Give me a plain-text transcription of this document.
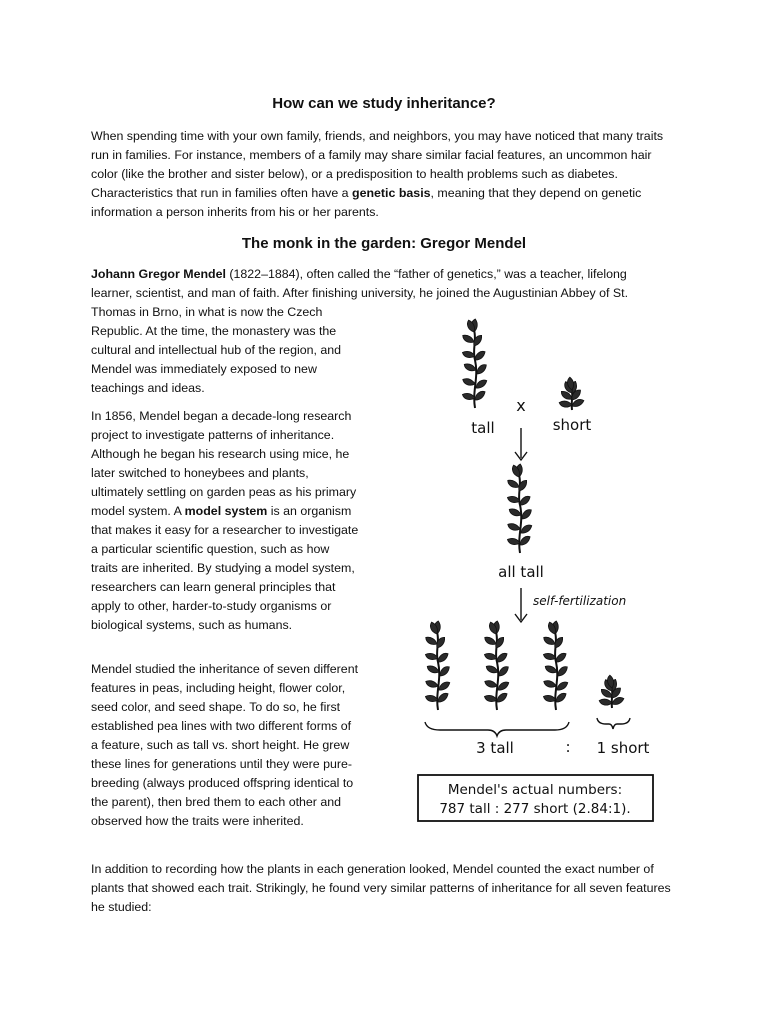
How can we study inheritance?

When spending time with your own family, friends, and neighbors, you may have noticed that many traits run in families. For instance, members of a family may share similar facial features, an uncommon hair color (like the brother and sister below), or a predisposition to health problems such as diabetes. Characteristics that run in families often have a genetic basis, meaning that they depend on genetic information a person inherits from his or her parents.

The monk in the garden: Gregor Mendel

Johann Gregor Mendel (1822–1884), often called the “father of genetics,” was a teacher, lifelong
learner, scientist, and man of faith. After finishing university, he joined the Augustinian Abbey of St.

Thomas in Brno, in what is now the Czech Republic. At the time, the monastery was the cultural and intellectual hub of the region, and Mendel was immediately exposed to new teachings and ideas.

In 1856, Mendel began a decade-long research project to investigate patterns of inheritance. Although he began his research using mice, he later switched to honeybees and plants, ultimately settling on garden peas as his primary model system. A model system is an organism that makes it easy for a researcher to investigate a particular scientific question, such as how traits are inherited. By studying a model system, researchers can learn general principles that apply to other, harder-to-study organisms or biological systems, such as humans.

Mendel studied the inheritance of seven different features in peas, including height, flower color, seed color, and seed shape. To do so, he first established pea lines with two different forms of a feature, such as tall vs. short height. He grew these lines for generations until they were pure-breeding (always produced offspring identical to the parent), then bred them to each other and observed how the traits were inherited.

In addition to recording how the plants in each generation looked, Mendel counted the exact number of plants that showed each trait. Strikingly, he found very similar patterns of inheritance for all seven features he studied:

x
tall	short
all tall
self-fertilization
3 tall	: 1 short
Mendel's actual numbers:
787 tall : 277 short (2.84:1).
